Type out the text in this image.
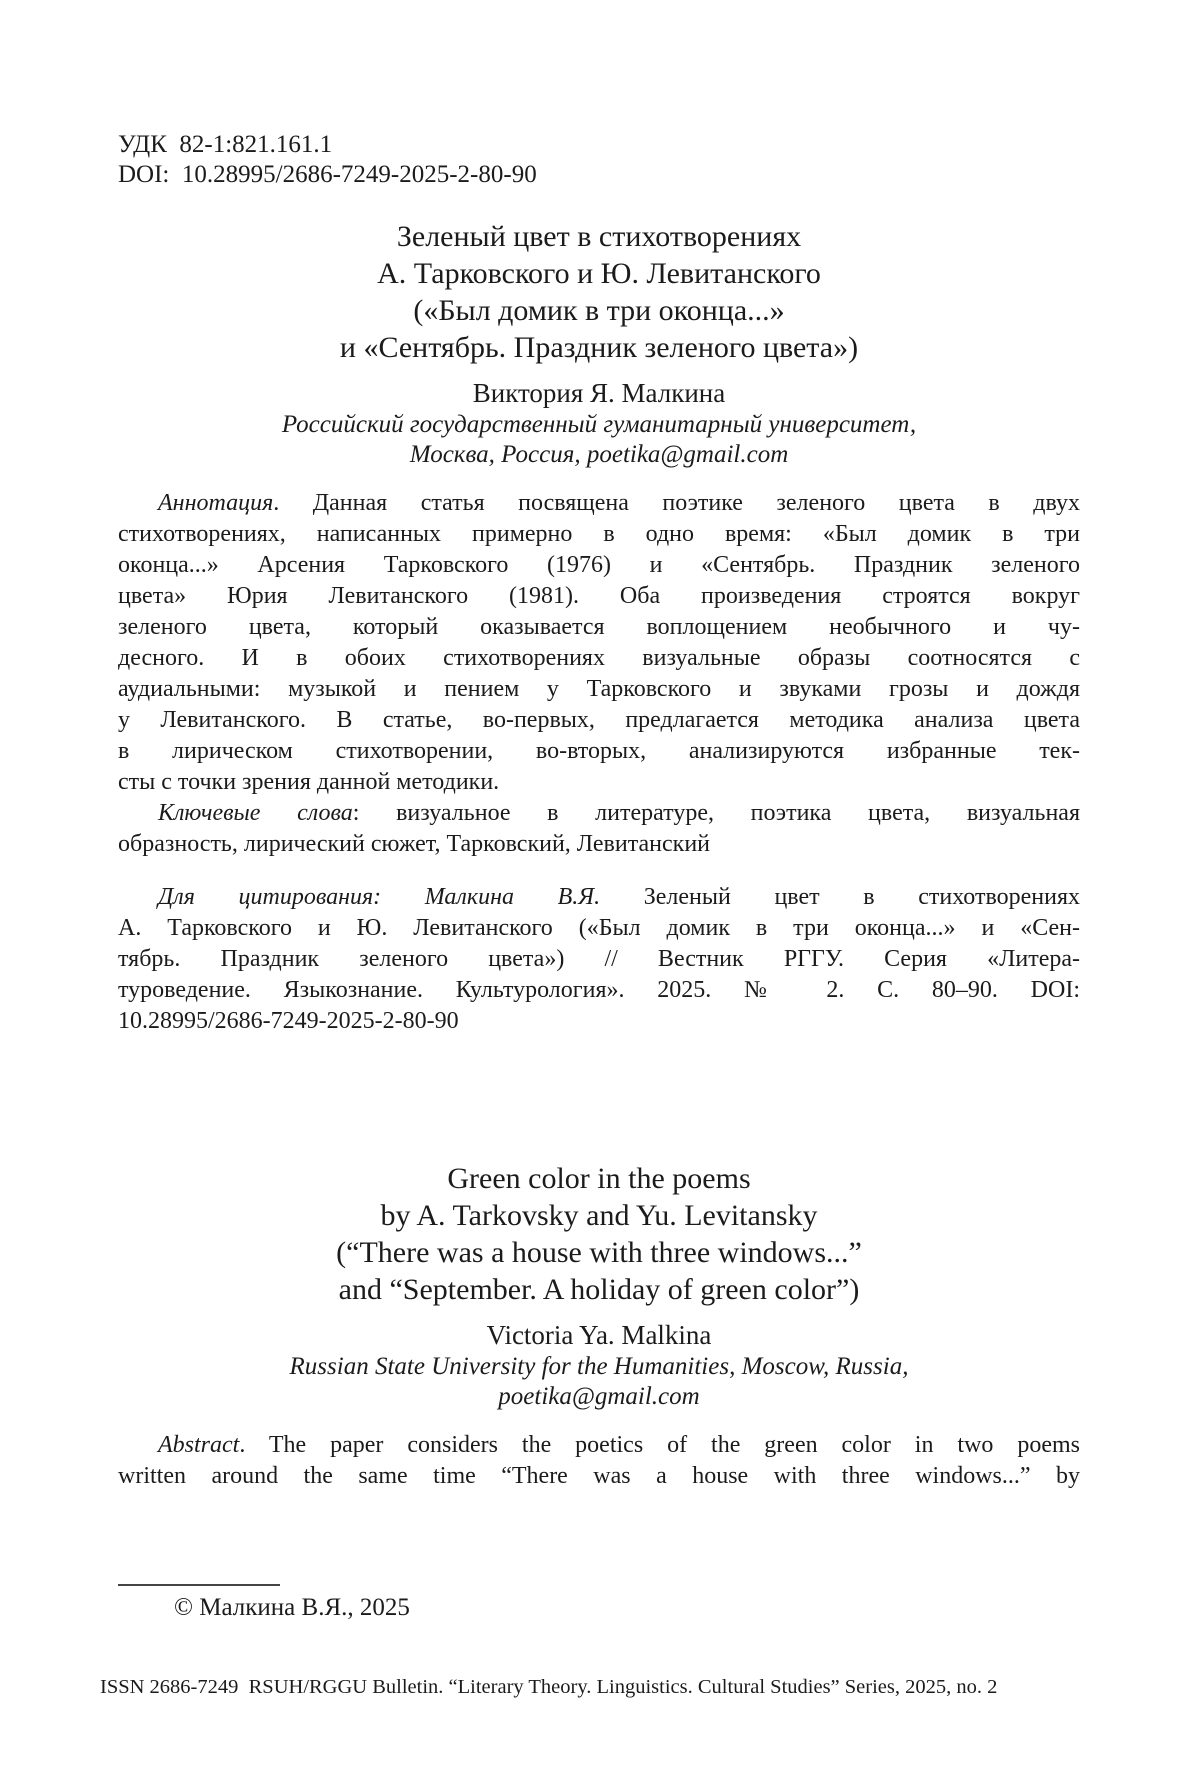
УДК  82-1:821.161.1
DOI:  10.28995/2686-7249-2025-2-80-90
Зеленый цвет в стихотворениях
А. Тарковского и Ю. Левитанского
(«Был домик в три оконца...»
и «Сентябрь. Праздник зеленого цвета»)
Виктория Я. Малкина
Российский государственный гуманитарный университет,
Москва, Россия, poetika@gmail.com
Аннотация. Данная статья посвящена поэтике зеленого цвета в двух
стихотворениях, написанных примерно в одно время: «Был домик в три
оконца...» Арсения Тарковского (1976) и «Сентябрь. Праздник зеленого
цвета» Юрия Левитанского (1981). Оба произведения строятся вокруг
зеленого цвета, который оказывается воплощением необычного и чу-
десного. И в обоих стихотворениях визуальные образы соотносятся с
аудиальными: музыкой и пением у Тарковского и звуками грозы и дождя
у Левитанского. В статье, во-первых, предлагается методика анализа цвета
в лирическом стихотворении, во-вторых, анализируются избранные тек-
сты с точки зрения данной методики.
Ключевые слова: визуальное в литературе, поэтика цвета, визуальная
образность, лирический сюжет, Тарковский, Левитанский
Для цитирования: Малкина В.Я. Зеленый цвет в стихотворениях
А. Тарковского и Ю. Левитанского («Был домик в три оконца...» и «Сен-
тябрь. Праздник зеленого цвета») // Вестник РГГУ. Серия «Литера-
туроведение. Языкознание. Культурология». 2025. № 2. С. 80–90. DOI:
10.28995/2686-7249-2025-2-80-90
Green color in the poems
by A. Tarkovsky and Yu. Levitansky
(“There was a house with three windows...”
and “September. A holiday of green color”)
Victoria Ya. Malkina
Russian State University for the Humanities, Moscow, Russia,
poetika@gmail.com
Abstract. The paper considers the poetics of the green color in two poems
written around the same time “There was a house with three windows...” by
© Малкина В.Я., 2025
ISSN 2686-7249  RSUH/RGGU Bulletin. “Literary Theory. Linguistics. Cultural Studies” Series, 2025, no. 2
